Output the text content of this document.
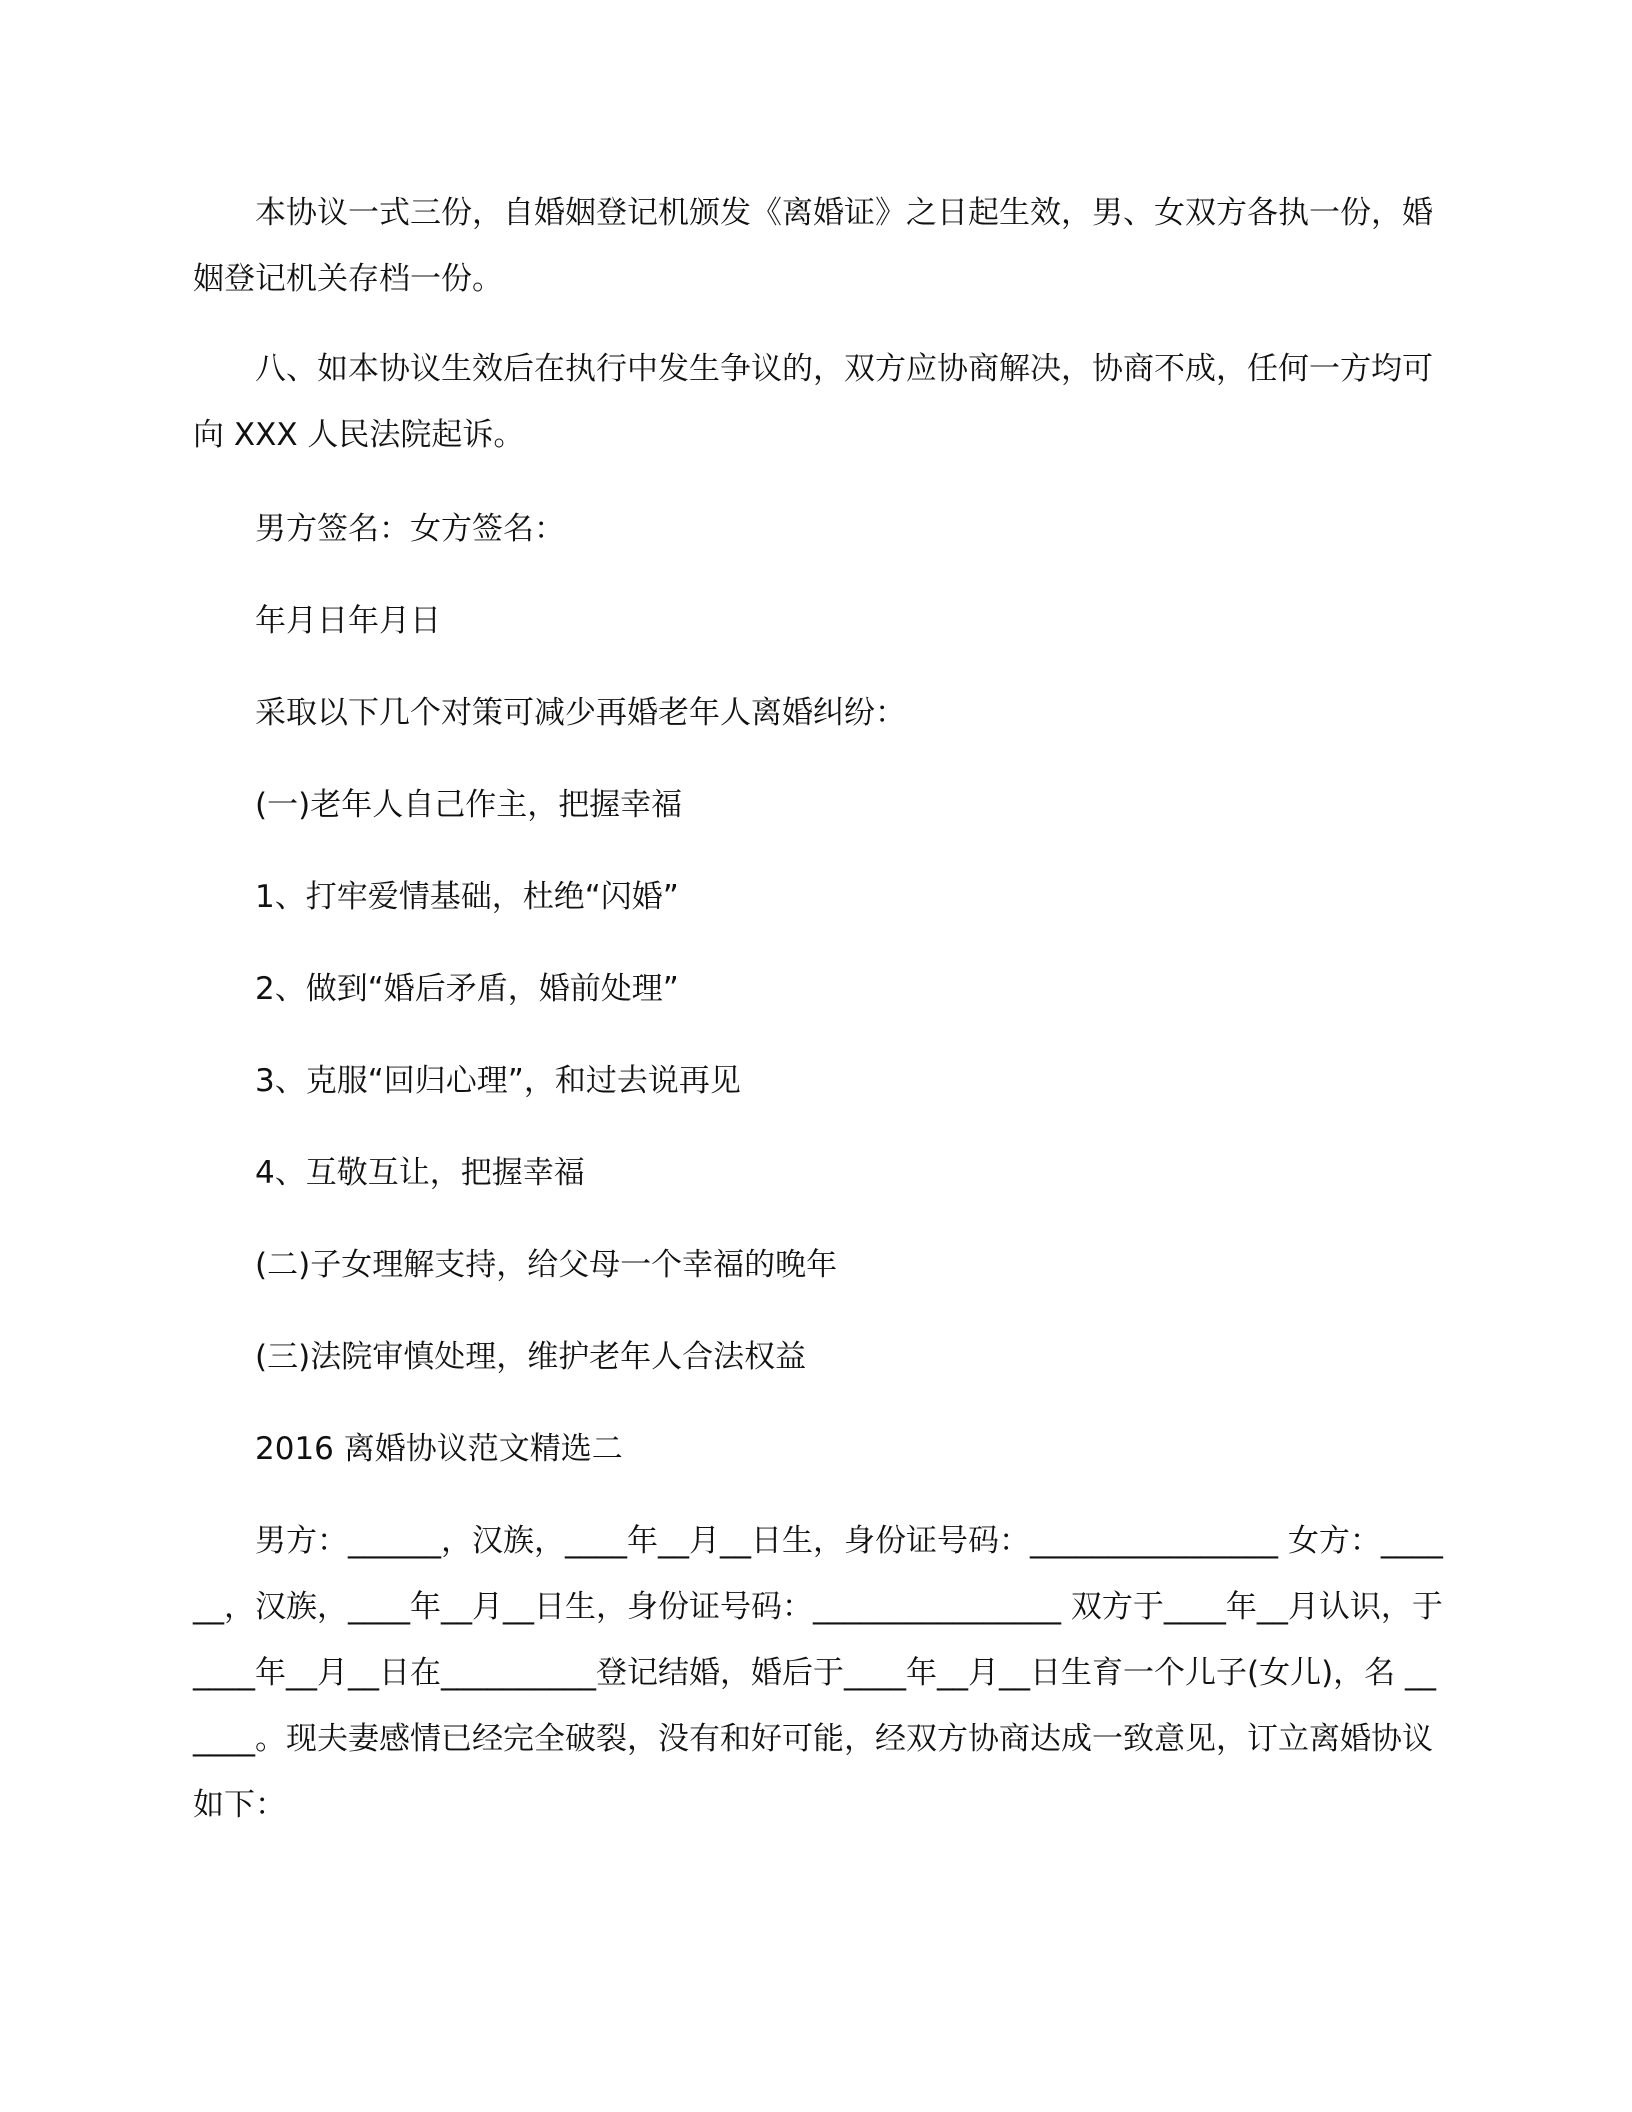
本协议一式三份，自婚姻登记机颁发《离婚证》之日起生效，男、女双方各执一份，婚姻登记机关存档一份。

八、如本协议生效后在执行中发生争议的，双方应协商解决，协商不成，任何一方均可向 XXX 人民法院起诉。

男方签名：女方签名：

年月日年月日

采取以下几个对策可减少再婚老年人离婚纠纷：

(一)老年人自己作主，把握幸福

1、打牢爱情基础，杜绝“闪婚”

2、做到“婚后矛盾，婚前处理”

3、克服“回归心理”，和过去说再见

4、互敬互让，把握幸福

(二)子女理解支持，给父母一个幸福的晚年

(三)法院审慎处理，维护老年人合法权益

2016 离婚协议范文精选二

男方：______，汉族，____年__月__日生，身份证号码：________________ 女方：______，汉族，____年__月__日生，身份证号码：________________ 双方于____年__月认识，于____年__月__日在__________登记结婚，婚后于____年__月__日生育一个儿子(女儿)，名 ______。现夫妻感情已经完全破裂，没有和好可能，经双方协商达成一致意见，订立离婚协议如下：
